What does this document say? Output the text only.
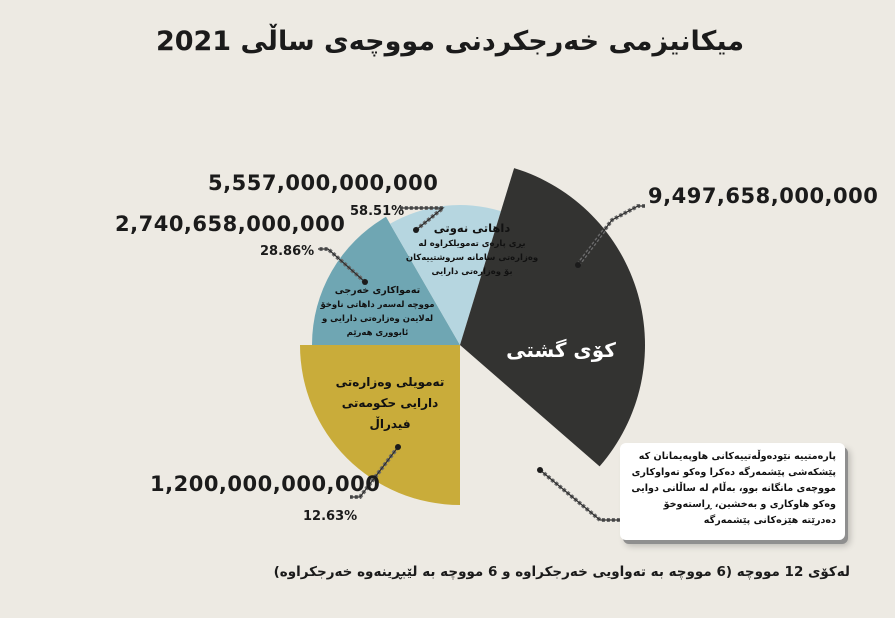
میکانیزمی خەرجکردنی مووچەی ساڵی 2021
9,497,658,000,000
5,557,000,000,000
2,740,658,000,000
1,200,000,000,000
58.51%
28.86%
12.63%
کۆی گشتی
داهاتی نەوتی
بڕی پارەی تەمویلکراوە لە وەزارەتی سامانە سروشتییەکان بۆ وەزارەتی دارایی
تەمواکاری خەرجی
مووچە لەسەر داهاتی ناوخۆ لەلایەن وەزارەتی دارایی و ئابووری هەرێم
تەمویلی وەزارەتی دارایی حکومەتی فیدراڵ
پارەمتییە نێودەوڵەتییەکانی هاوپەیمانان کە پێشکەشی پێشمەرگە دەکرا وەکو تەواوکاری مووچەی مانگانە بوو، بەڵام لە ساڵانی دوایی وەکو هاوکاری و بەخشین، ڕاستەوخۆ دەدرێتە هێزەکانی پێشمەرگە
لەکۆی 12 مووچە (6 مووچە بە تەواویی خەرجکراوە و 6 مووچە بە لێبڕینەوە خەرجکراوە)
